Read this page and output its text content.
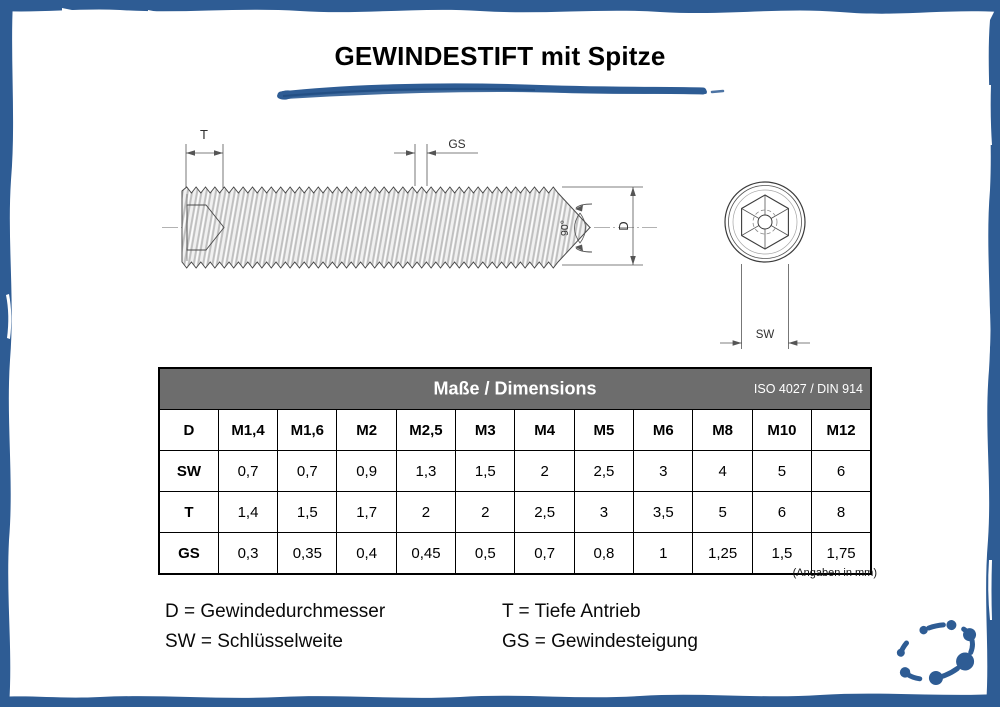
GEWINDESTIFT mit Spitze
T
GS
90°	D
SW
Maße / Dimensions ISO 4027 / DIN 914											

D	M1,4	M1,6	M2	M2,5	M3	M4	M5	M6	M8	M10	M12
SW	0,7	0,7	0,9	1,3	1,5	2	2,5	3	4	5	6
T	1,4	1,5	1,7	2	2	2,5	3	3,5	5	6	8
GS	0,3	0,35	0,4	0,45	0,5	0,7	0,8	1	1,25	1,5	1,75
(Angaben in mm)
D = Gewindedurchmesser
SW = Schlüsselweite
T = Tiefe Antrieb
GS = Gewindesteigung
